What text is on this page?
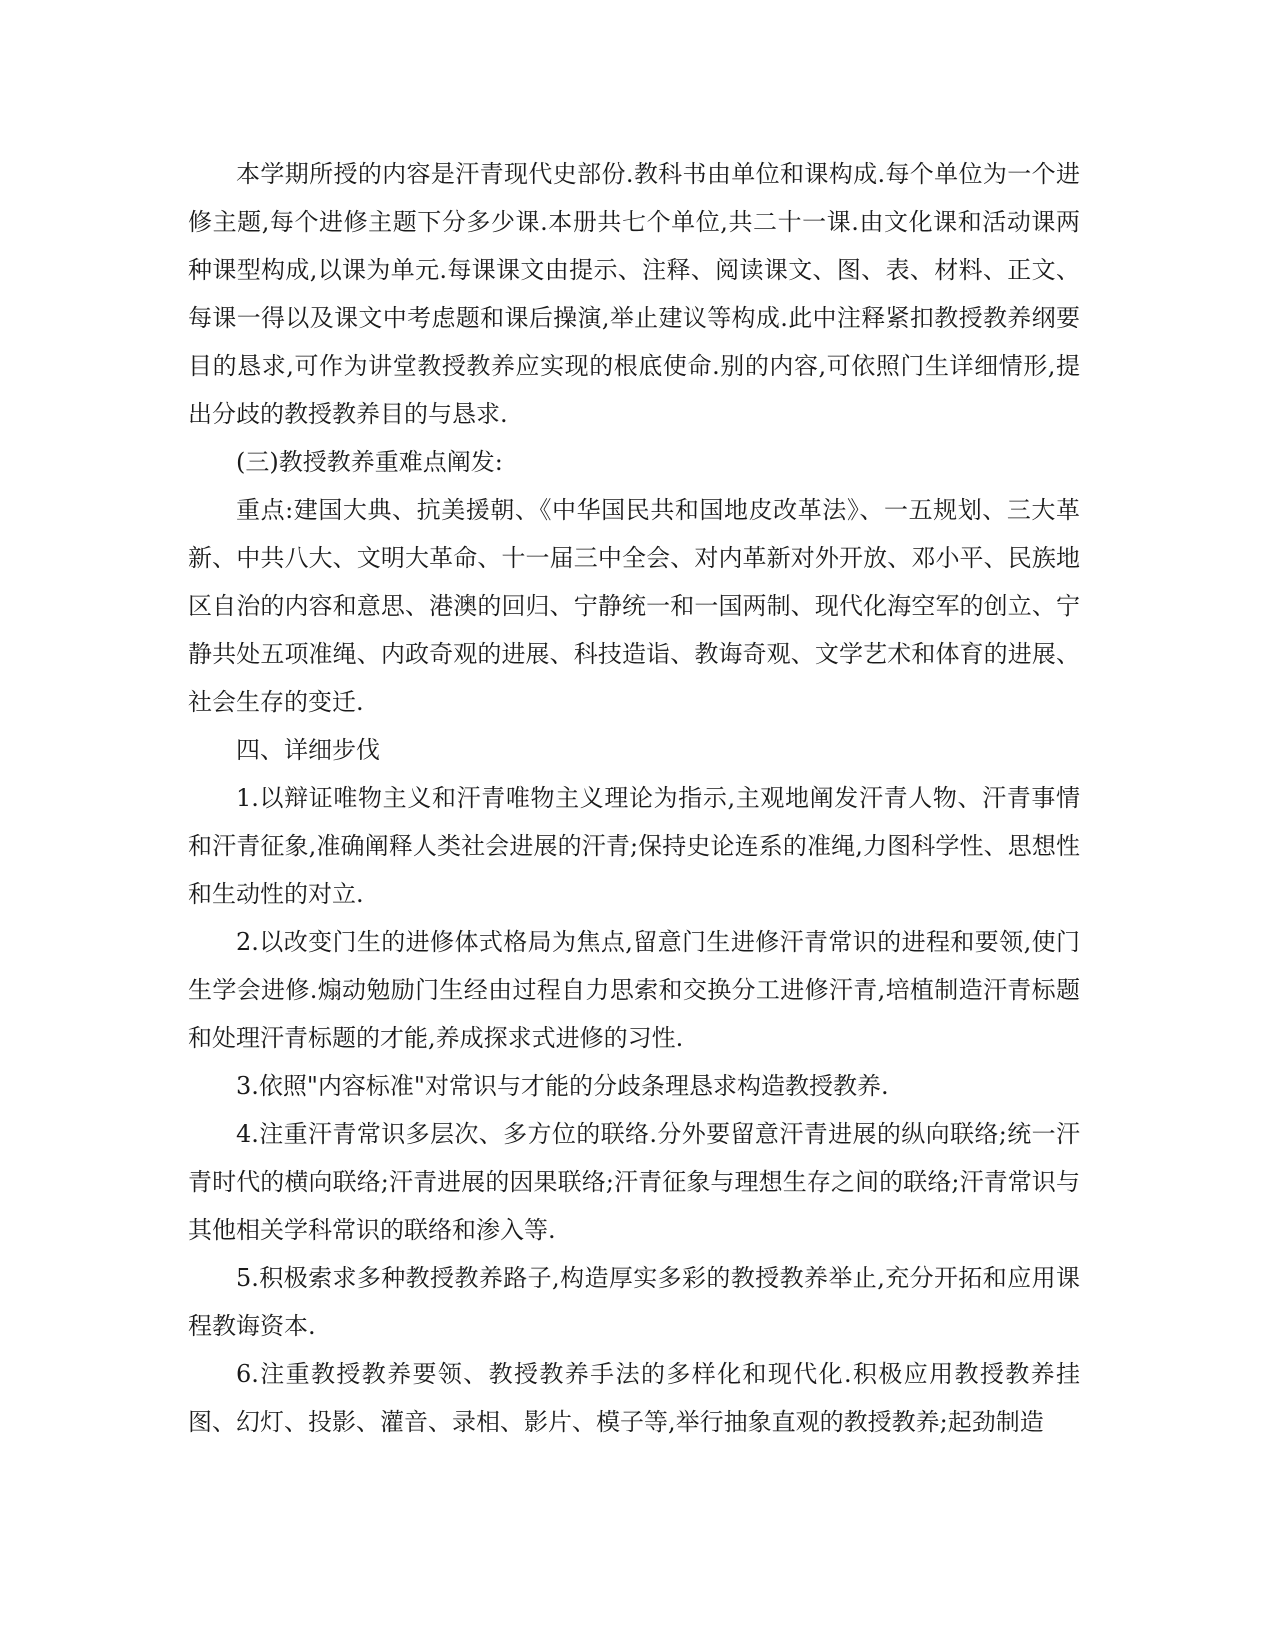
本学期所授的内容是汗青现代史部份.教科书由单位和课构成.每个单位为一个进修主题,每个进修主题下分多少课.本册共七个单位,共二十一课.由文化课和活动课两种课型构成,以课为单元.每课课文由提示、注释、阅读课文、图、表、材料、正文、每课一得以及课文中考虑题和课后操演,举止建议等构成.此中注释紧扣教授教养纲要目的恳求,可作为讲堂教授教养应实现的根底使命.别的内容,可依照门生详细情形,提出分歧的教授教养目的与恳求.

(三)教授教养重难点阐发:

重点:建国大典、抗美援朝、《中华国民共和国地皮改革法》、一五规划、三大革新、中共八大、文明大革命、十一届三中全会、对内革新对外开放、邓小平、民族地区自治的内容和意思、港澳的回归、宁静统一和一国两制、现代化海空军的创立、宁静共处五项准绳、内政奇观的进展、科技造诣、教诲奇观、文学艺术和体育的进展、社会生存的变迁.

四、详细步伐

1.以辩证唯物主义和汗青唯物主义理论为指示,主观地阐发汗青人物、汗青事情和汗青征象,准确阐释人类社会进展的汗青;保持史论连系的准绳,力图科学性、思想性和生动性的对立.

2.以改变门生的进修体式格局为焦点,留意门生进修汗青常识的进程和要领,使门生学会进修.煽动勉励门生经由过程自力思索和交换分工进修汗青,培植制造汗青标题和处理汗青标题的才能,养成探求式进修的习性.

3.依照"内容标准"对常识与才能的分歧条理恳求构造教授教养.

4.注重汗青常识多层次、多方位的联络.分外要留意汗青进展的纵向联络;统一汗青时代的横向联络;汗青进展的因果联络;汗青征象与理想生存之间的联络;汗青常识与其他相关学科常识的联络和渗入等.

5.积极索求多种教授教养路子,构造厚实多彩的教授教养举止,充分开拓和应用课程教诲资本.

6.注重教授教养要领、教授教养手法的多样化和现代化.积极应用教授教养挂图、幻灯、投影、灌音、录相、影片、模子等,举行抽象直观的教授教养;起劲制造
